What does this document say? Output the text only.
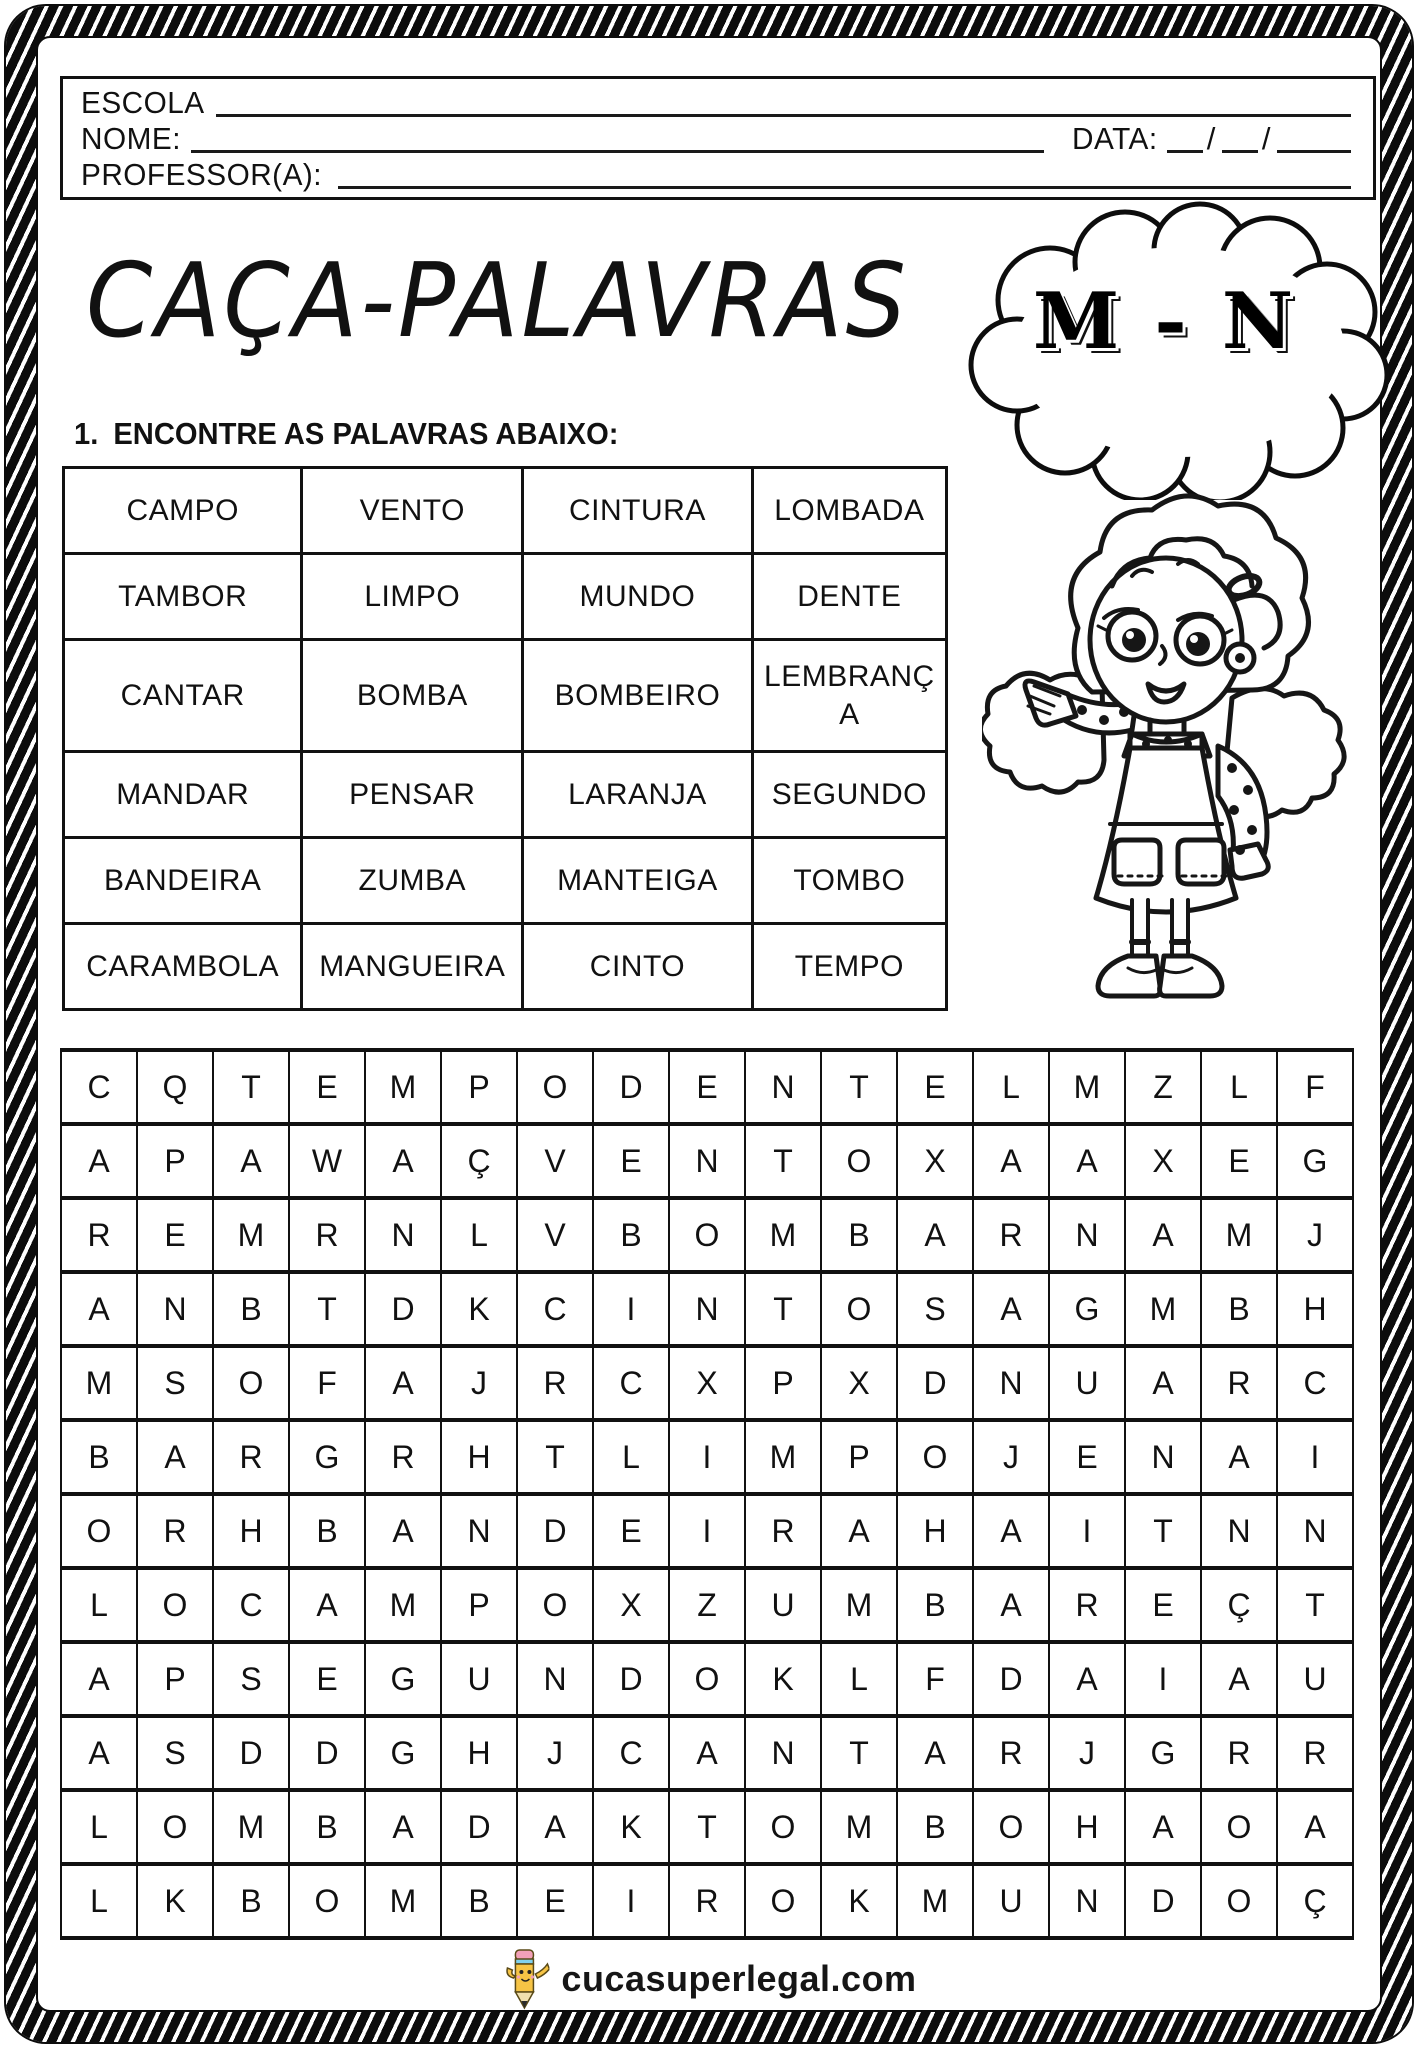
ESCOLA
NOME:	DATA: / /
PROFESSOR(A):
CAÇA-PALAVRAS	M - N
1. ENCONTRE AS PALAVRAS ABAIXO:
CAMPO	VENTO	CINTURA	LOMBADA
TAMBOR	LIMPO	MUNDO	DENTE
CANTAR	BOMBA	BOMBEIRO	LEMBRANÇA
MANDAR	PENSAR	LARANJA	SEGUNDO
BANDEIRA	ZUMBA	MANTEIGA	TOMBO
CARAMBOLA	MANGUEIRA	CINTO	TEMPO
C	Q	T	E	M	P	O	D	E	N	T	E	L	M	Z	L	F
A	P	A	W	A	Ç	V	E	N	T	O	X	A	A	X	E	G
R	E	M	R	N	L	V	B	O	M	B	A	R	N	A	M	J
A	N	B	T	D	K	C	I	N	T	O	S	A	G	M	B	H
M	S	O	F	A	J	R	C	X	P	X	D	N	U	A	R	C
B	A	R	G	R	H	T	L	I	M	P	O	J	E	N	A	I
O	R	H	B	A	N	D	E	I	R	A	H	A	I	T	N	N
L	O	C	A	M	P	O	X	Z	U	M	B	A	R	E	Ç	T
A	P	S	E	G	U	N	D	O	K	L	F	D	A	I	A	U
A	S	D	D	G	H	J	C	A	N	T	A	R	J	G	R	R
L	O	M	B	A	D	A	K	T	O	M	B	O	H	A	O	A
L	K	B	O	M	B	E	I	R	O	K	M	U	N	D	O	Ç
cucasuperlegal.com
